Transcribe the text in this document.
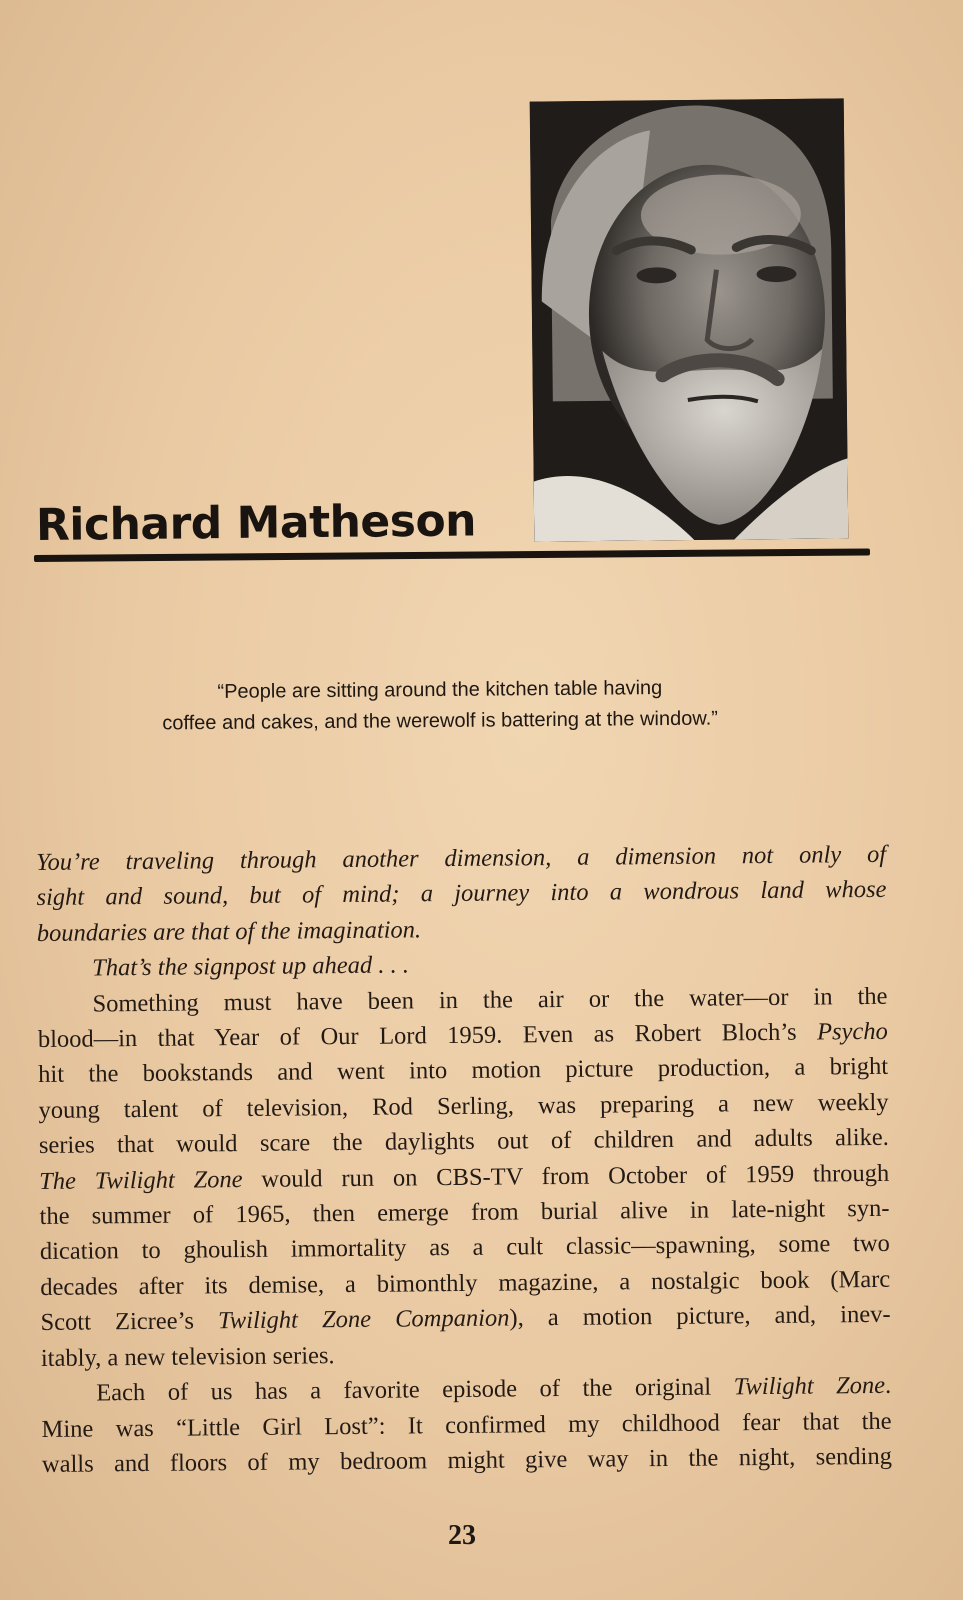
Richard Matheson
“People are sitting around the kitchen table having
coffee and cakes, and the werewolf is battering at the window.”
You’re traveling through another dimension, a dimension not only of
sight and sound, but of mind; a journey into a wondrous land whose
boundaries are that of the imagination.
That’s the signpost up ahead . . .
Something must have been in the air or the water—or in the
blood—in that Year of Our Lord 1959. Even as Robert Bloch’s Psycho
hit the bookstands and went into motion picture production, a bright
young talent of television, Rod Serling, was preparing a new weekly
series that would scare the daylights out of children and adults alike.
The Twilight Zone would run on CBS-TV from October of 1959 through
the summer of 1965, then emerge from burial alive in late-night syn-
dication to ghoulish immortality as a cult classic—spawning, some two
decades after its demise, a bimonthly magazine, a nostalgic book (Marc
Scott Zicree’s Twilight Zone Companion), a motion picture, and, inev-
itably, a new television series.
Each of us has a favorite episode of the original Twilight Zone.
Mine was “Little Girl Lost”: It confirmed my childhood fear that the
walls and floors of my bedroom might give way in the night, sending
23
